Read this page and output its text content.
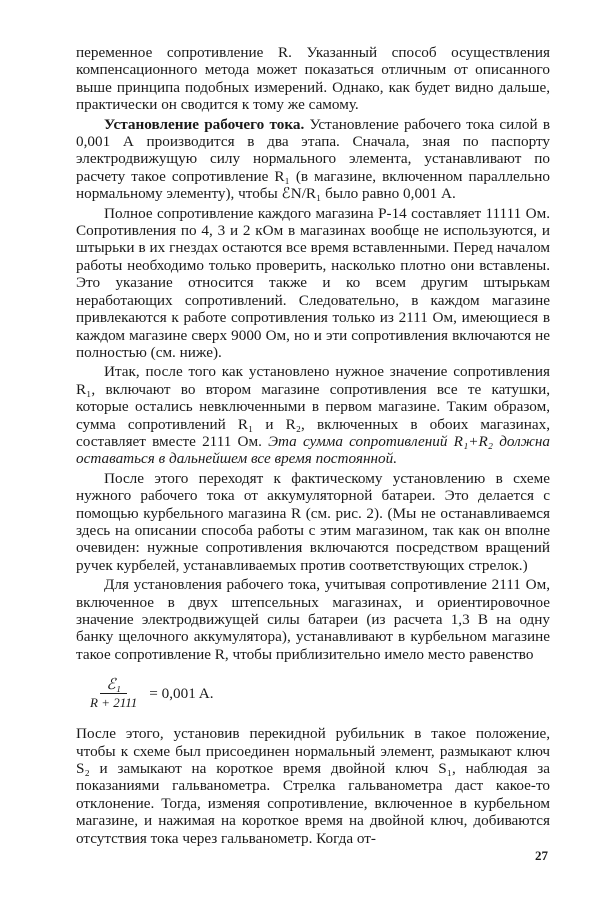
переменное сопротивление R. Указанный способ осуществления компенсационного метода может показаться отличным от описанного выше принципа подобных измерений. Однако, как будет видно дальше, практически он сводится к тому же самому.

Установление рабочего тока. Установление рабочего тока силой в 0,001 А производится в два этапа. Сначала, зная по паспорту электродвижущую силу нормального элемента, устанавливают по расчету такое сопротивление R₁ (в магазине, включенном параллельно нормальному элементу), чтобы ℰN/R₁ было равно 0,001 А.

Полное сопротивление каждого магазина Р-14 составляет 11111 Ом. Сопротивления по 4, 3 и 2 кОм в магазинах вообще не используются, и штырьки в их гнездах остаются все время вставленными. Перед началом работы необходимо только проверить, насколько плотно они вставлены. Это указание относится также и ко всем другим штырькам неработающих сопротивлений. Следовательно, в каждом магазине привлекаются к работе сопротивления только из 2111 Ом, имеющиеся в каждом магазине сверх 9000 Ом, но и эти сопротивления включаются не полностью (см. ниже).

Итак, после того как установлено нужное значение сопротивления R₁, включают во втором магазине сопротивления все те катушки, которые остались невключенными в первом магазине. Таким образом, сумма сопротивлений R₁ и R₂, включенных в обоих магазинах, составляет вместе 2111 Ом. Эта сумма сопротивлений R₁+R₂ должна оставаться в дальнейшем все время постоянной.

После этого переходят к фактическому установлению в схеме нужного рабочего тока от аккумуляторной батареи. Это делается с помощью курбельного магазина R (см. рис. 2). (Мы не останавливаемся здесь на описании способа работы с этим магазином, так как он вполне очевиден: нужные сопротивления включаются посредством вращений ручек курбелей, устанавливаемых против соответствующих стрелок.)

Для установления рабочего тока, учитывая сопротивление 2111 Ом, включенное в двух штепсельных магазинах, и ориентировочное значение электродвижущей силы батареи (из расчета 1,3 В на одну банку щелочного аккумулятора), устанавливают в курбельном магазине такое сопротивление R, чтобы приблизительно имело место равенство

$\frac{\text{ℰ₁}}{R + 2111} = 0,001$ A.

После этого, установив перекидной рубильник в такое положение, чтобы к схеме был присоединен нормальный элемент, размыкают ключ S₂ и замыкают на короткое время двойной ключ S₁, наблюдая за показаниями гальванометра. Стрелка гальванометра даст какое-то отклонение. Тогда, изменяя сопротивление, включенное в курбельном магазине, и нажимая на короткое время на двойной ключ, добиваются отсутствия тока через гальванометр. Когда от-

27
